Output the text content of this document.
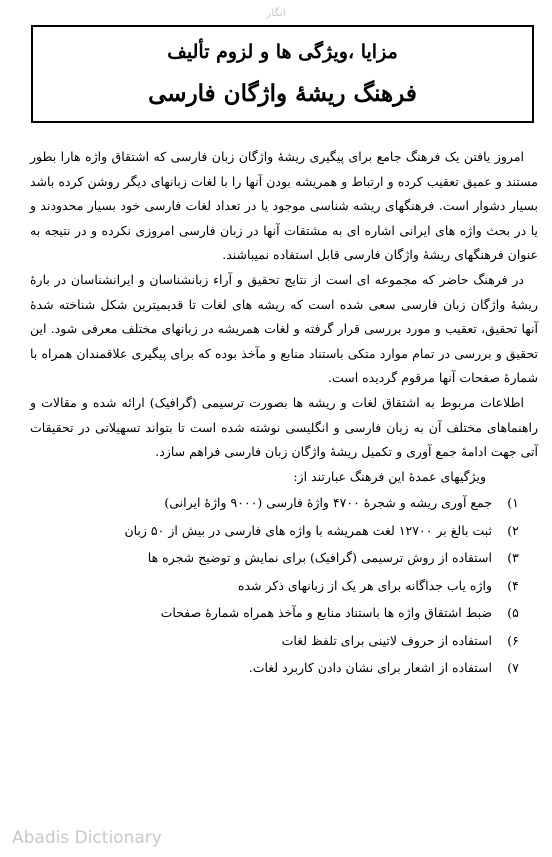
انگار
مزایا ،ویژگی ها و لزوم تألیف
فرهنگ ریشۀ واژگان فارسی

امروز یافتن یک فرهنگ جامع برای پیگیری ریشۀ واژگان زبان فارسی که اشتقاق واژه هارا بطور مستند و عمیق تعقیب کرده و ارتباط و همریشه بودن آنها را با لغات زبانهای دیگر روشن کرده باشد بسیار دشوار است. فرهنگهای ریشه شناسی موجود یا در تعداد لغات فارسی خود بسیار محدودند و یا در بحث واژه های ایرانی اشاره ای به مشتقات آنها در زبان فارسی امروزی نکرده و در نتیجه به عنوان فرهنگهای ریشۀ واژگان فارسی قابل استفاده نمیباشند.

در فرهنگ حاضر که مجموعه ای است از نتایج تحقیق و آراء زبانشناسان و ایرانشناسان در بارۀ ریشۀ واژگان زبان فارسی سعی شده است که ریشه های لغات تا قدیمیترین شکل شناخته شدۀ آنها تحقیق، تعقیب و مورد بررسی قرار گرفته و لغات همریشه در زبانهای مختلف معرفی شود. این تحقیق و بررسی در تمام موارد متکی باستناد منابع و مآخذ بوده که برای پیگیری علاقمندان همراه با شمارۀ صفحات آنها مرقوم گردیده است.

اطلاعات مربوط به اشتقاق لغات و ریشه ها بصورت ترسیمی (گرافیک) ارائه شده و مقالات و راهنماهای مختلف آن به زبان فارسی و انگلیسی نوشته شده است تا بتواند تسهیلاتی در تحقیقات آتی جهت ادامۀ جمع آوری و تکمیل ریشۀ واژگان زبان فارسی فراهم سازد.

ویژگیهای عمدۀ این فرهنگ عبارتند از:

۱)
جمع آوری ریشه و شجرۀ ۴۷۰۰ واژۀ فارسی (۹۰۰۰ واژۀ ایرانی)
۲)
ثبت بالغ بر ۱۲۷۰۰ لغت همریشه با واژه های فارسی در بیش از ۵۰ زبان
۳)
استفاده از روش ترسیمی (گرافیک) برای نمایش و توضیح شجره ها
۴)
واژه یاب جداگانه برای هر یک از زبانهای ذکر شده
۵)
ضبط اشتقاق واژه ها باستناد منابع و مآخذ همراه شمارۀ صفحات
۶)
استفاده از حروف لاتینی برای تلفظ لغات
۷)
استفاده از اشعار برای نشان دادن کاربرد لغات.
Abadis Dictionary
